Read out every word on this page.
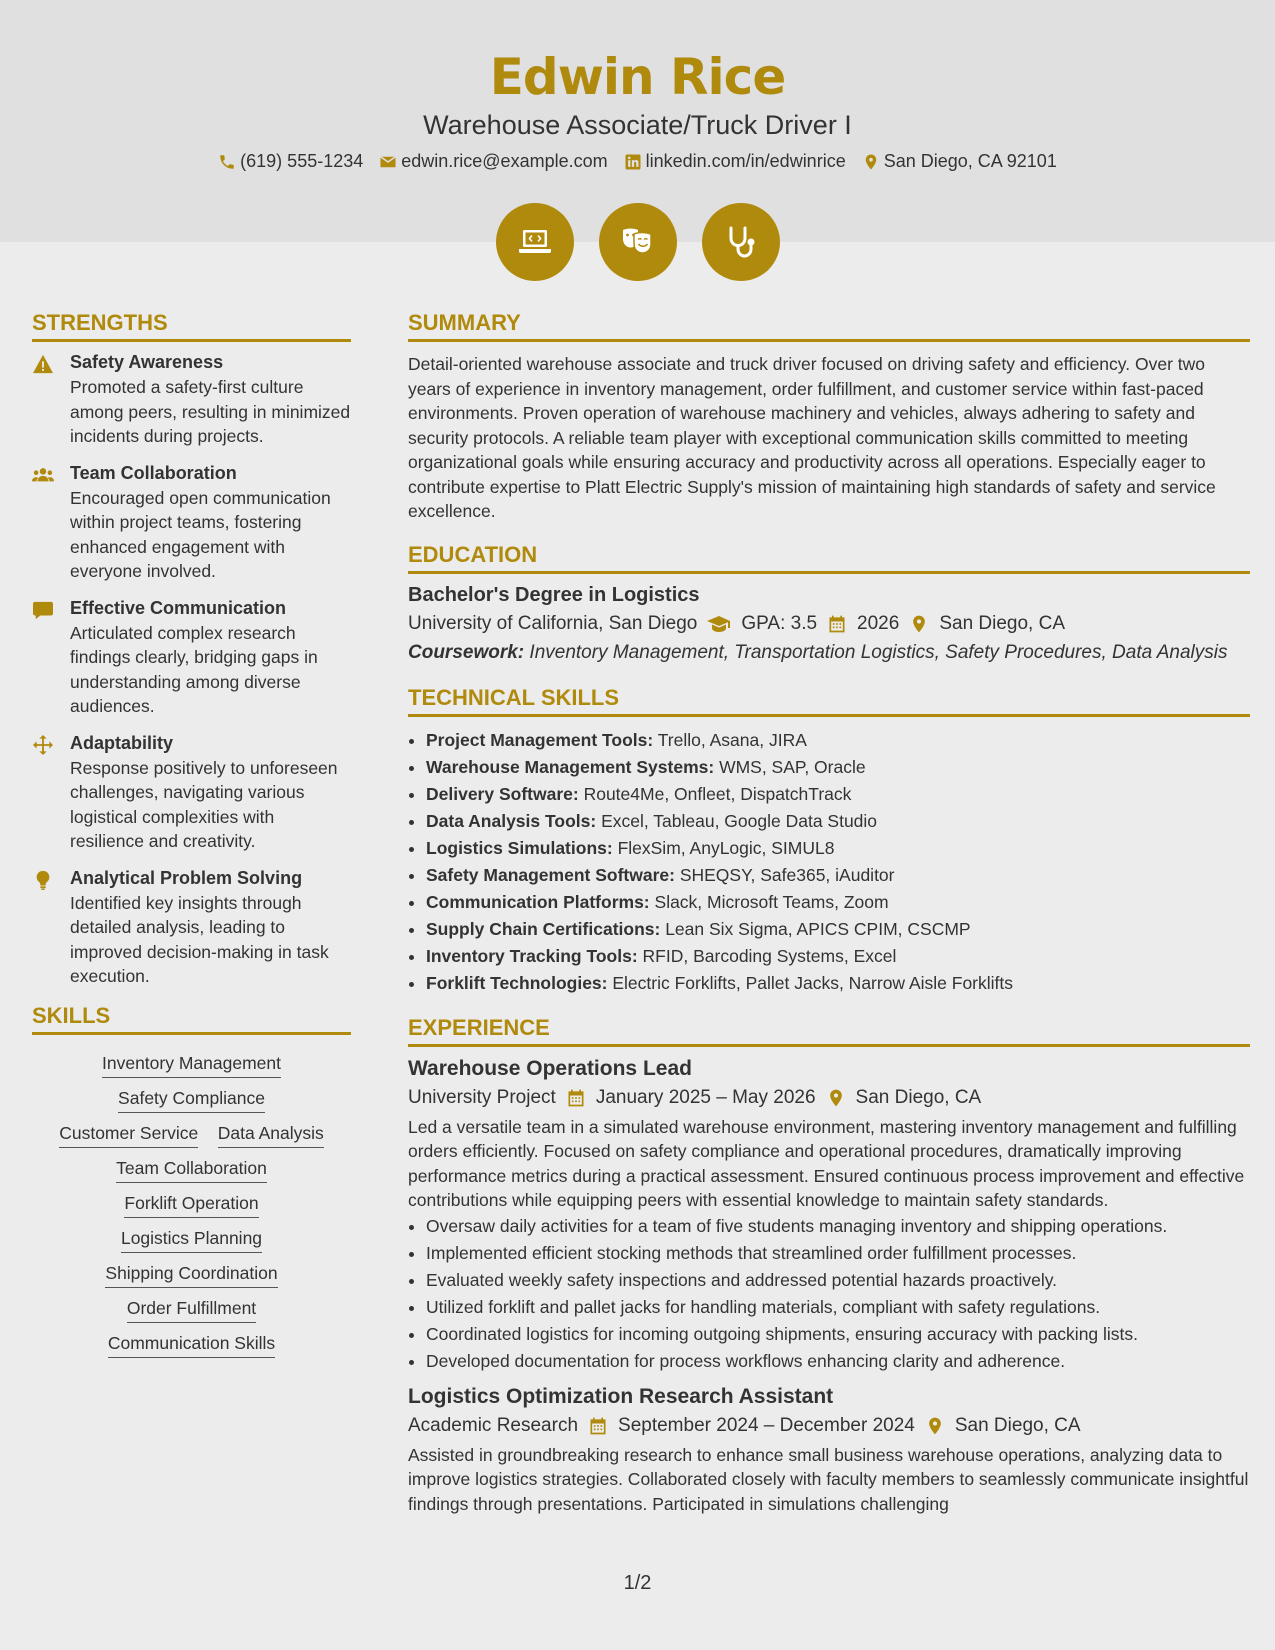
Edwin Rice
Warehouse Associate/Truck Driver I
(619) 555-1234 edwin.rice@example.com linkedin.com/in/edwinrice San Diego, CA 92101
STRENGTHS
Safety Awareness
Promoted a safety-first culture among peers, resulting in minimized incidents during projects.
Team Collaboration
Encouraged open communication within project teams, fostering enhanced engagement with everyone involved.
Effective Communication
Articulated complex research findings clearly, bridging gaps in understanding among diverse audiences.
Adaptability
Response positively to unforeseen challenges, navigating various logistical complexities with resilience and creativity.
Analytical Problem Solving
Identified key insights through detailed analysis, leading to improved decision-making in task execution.
SKILLS
Inventory Management
Safety Compliance
Customer Service Data Analysis
Team Collaboration
Forklift Operation
Logistics Planning
Shipping Coordination
Order Fulfillment
Communication Skills
SUMMARY
Detail-oriented warehouse associate and truck driver focused on driving safety and efficiency. Over two years of experience in inventory management, order fulfillment, and customer service within fast-paced environments. Proven operation of warehouse machinery and vehicles, always adhering to safety and security protocols. A reliable team player with exceptional communication skills committed to meeting organizational goals while ensuring accuracy and productivity across all operations. Especially eager to contribute expertise to Platt Electric Supply's mission of maintaining high standards of safety and service excellence.
EDUCATION
Bachelor's Degree in Logistics
University of California, San Diego GPA: 3.5 2026 San Diego, CA
Coursework: Inventory Management, Transportation Logistics, Safety Procedures, Data Analysis
TECHNICAL SKILLS
• Project Management Tools: Trello, Asana, JIRA
• Warehouse Management Systems: WMS, SAP, Oracle
• Delivery Software: Route4Me, Onfleet, DispatchTrack
• Data Analysis Tools: Excel, Tableau, Google Data Studio
• Logistics Simulations: FlexSim, AnyLogic, SIMUL8
• Safety Management Software: SHEQSY, Safe365, iAuditor
• Communication Platforms: Slack, Microsoft Teams, Zoom
• Supply Chain Certifications: Lean Six Sigma, APICS CPIM, CSCMP
• Inventory Tracking Tools: RFID, Barcoding Systems, Excel
• Forklift Technologies: Electric Forklifts, Pallet Jacks, Narrow Aisle Forklifts
EXPERIENCE
Warehouse Operations Lead
University Project January 2025 – May 2026 San Diego, CA
Led a versatile team in a simulated warehouse environment, mastering inventory management and fulfilling orders efficiently. Focused on safety compliance and operational procedures, dramatically improving performance metrics during a practical assessment. Ensured continuous process improvement and effective contributions while equipping peers with essential knowledge to maintain safety standards.
• Oversaw daily activities for a team of five students managing inventory and shipping operations.
• Implemented efficient stocking methods that streamlined order fulfillment processes.
• Evaluated weekly safety inspections and addressed potential hazards proactively.
• Utilized forklift and pallet jacks for handling materials, compliant with safety regulations.
• Coordinated logistics for incoming outgoing shipments, ensuring accuracy with packing lists.
• Developed documentation for process workflows enhancing clarity and adherence.
Logistics Optimization Research Assistant
Academic Research September 2024 – December 2024 San Diego, CA
Assisted in groundbreaking research to enhance small business warehouse operations, analyzing data to improve logistics strategies. Collaborated closely with faculty members to seamlessly communicate insightful findings through presentations. Participated in simulations challenging
1/2
